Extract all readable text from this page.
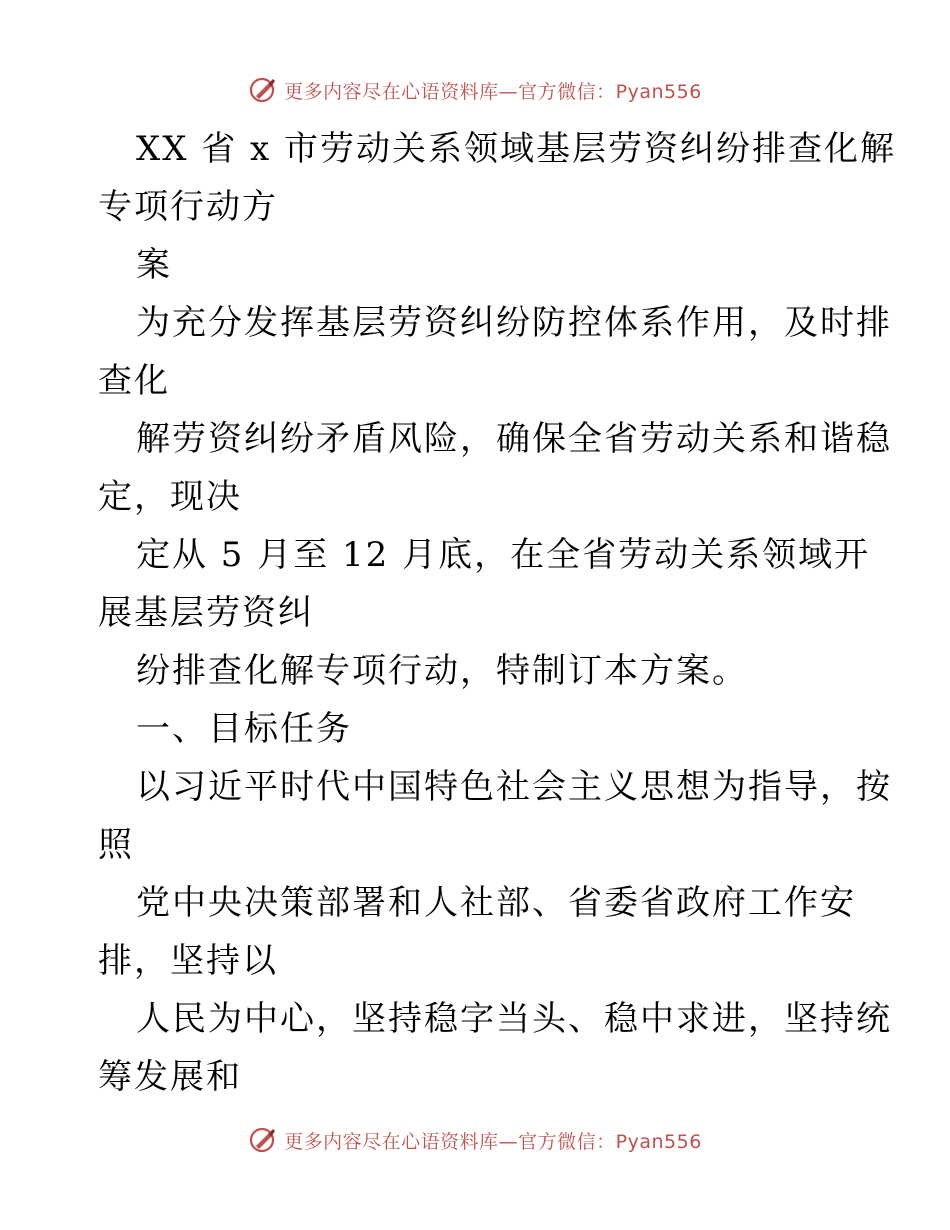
更多内容尽在心语资料库—官方微信：Pyan556
XX 省 x 市劳动关系领域基层劳资纠纷排查化解
专项行动方
案
为充分发挥基层劳资纠纷防控体系作用，及时排
查化
解劳资纠纷矛盾风险，确保全省劳动关系和谐稳
定，现决
定从 5 月至 12 月底，在全省劳动关系领域开
展基层劳资纠
纷排查化解专项行动，特制订本方案。
一、目标任务
以习近平时代中国特色社会主义思想为指导，按
照
党中央决策部署和人社部、省委省政府工作安
排，坚持以
人民为中心，坚持稳字当头、稳中求进，坚持统
筹发展和
更多内容尽在心语资料库—官方微信：Pyan556
